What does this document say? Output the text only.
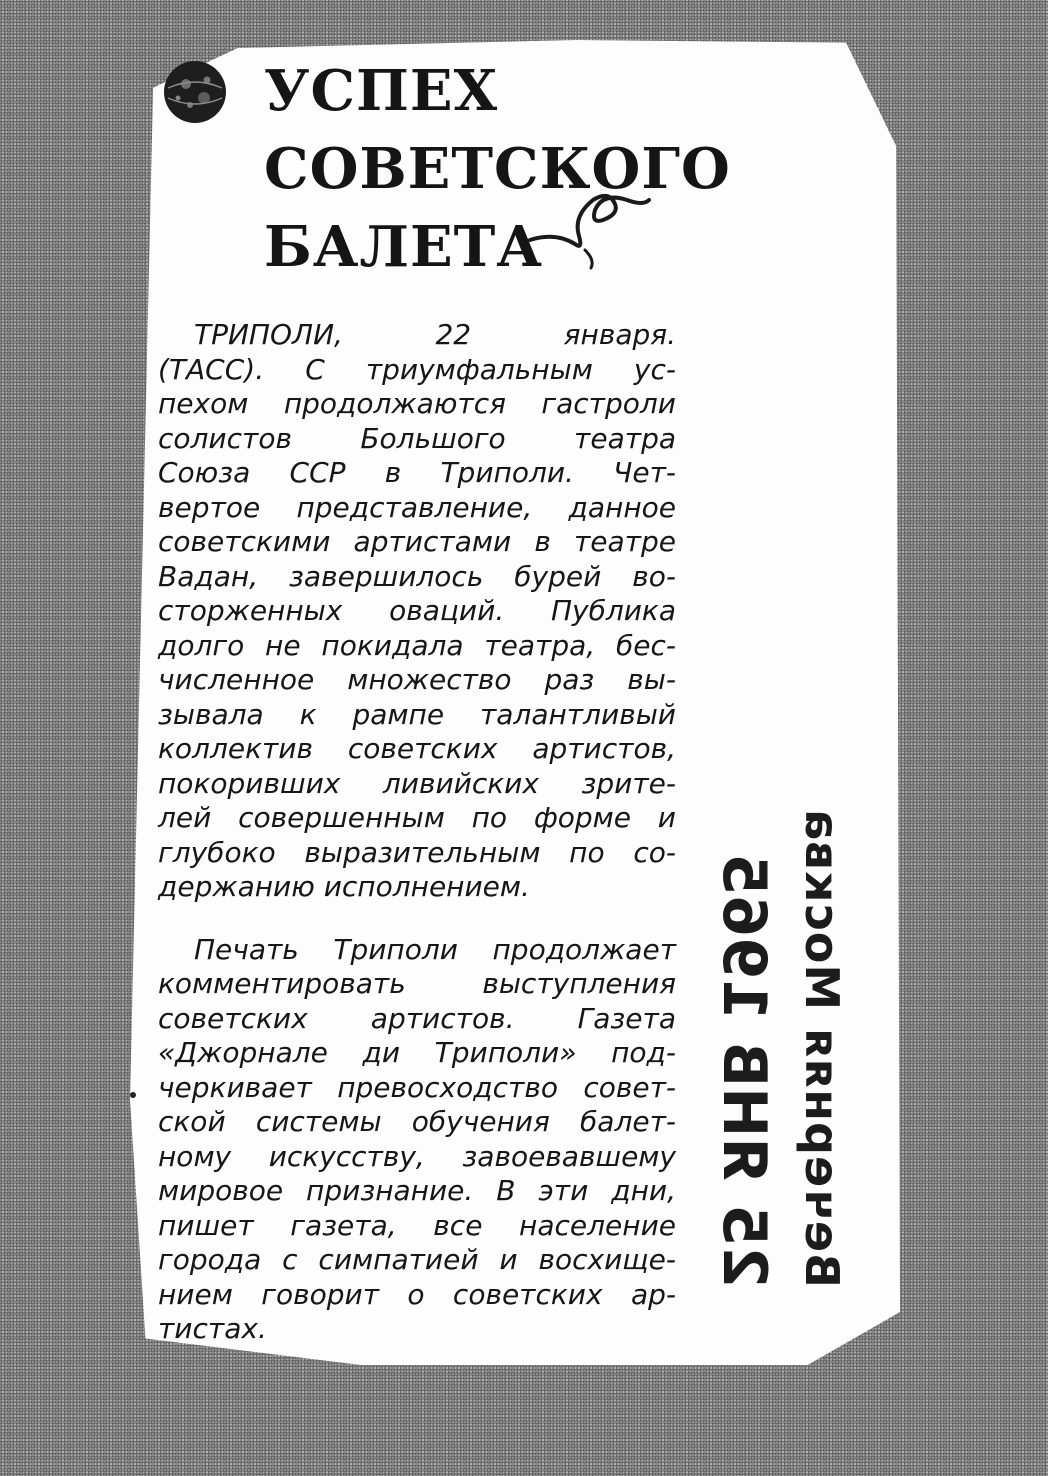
УСПЕХ
СОВЕТСКОГО
БАЛЕТА

ТРИПОЛИ, 22 января.
(ТАСС). С триумфальным ус-
пехом продолжаются гастроли
солистов Большого театра
Союза ССР в Триполи. Чет-
вертое представление, данное
советскими артистами в театре
Вадан, завершилось бурей во-
сторженных оваций. Публика
долго не покидала театра, бес-
численное множество раз вы-
зывала к рампе талантливый
коллектив советских артистов,
покоривших ливийских зрите-
лей совершенным по форме и
глубоко выразительным по со-
держанию исполнением.

Печать Триполи продолжает
комментировать выступления
советских артистов. Газета
«Джорнале ди Триполи» под-
черкивает превосходство совет-
ской системы обучения балет-
ному искусству, завоевавшему
мировое признание. В эти дни,
пишет газета, все население
города с симпатией и восхище-
нием говорит о советских ар-
тистах.

Вечерняя Москва
25 ЯНВ 1965
